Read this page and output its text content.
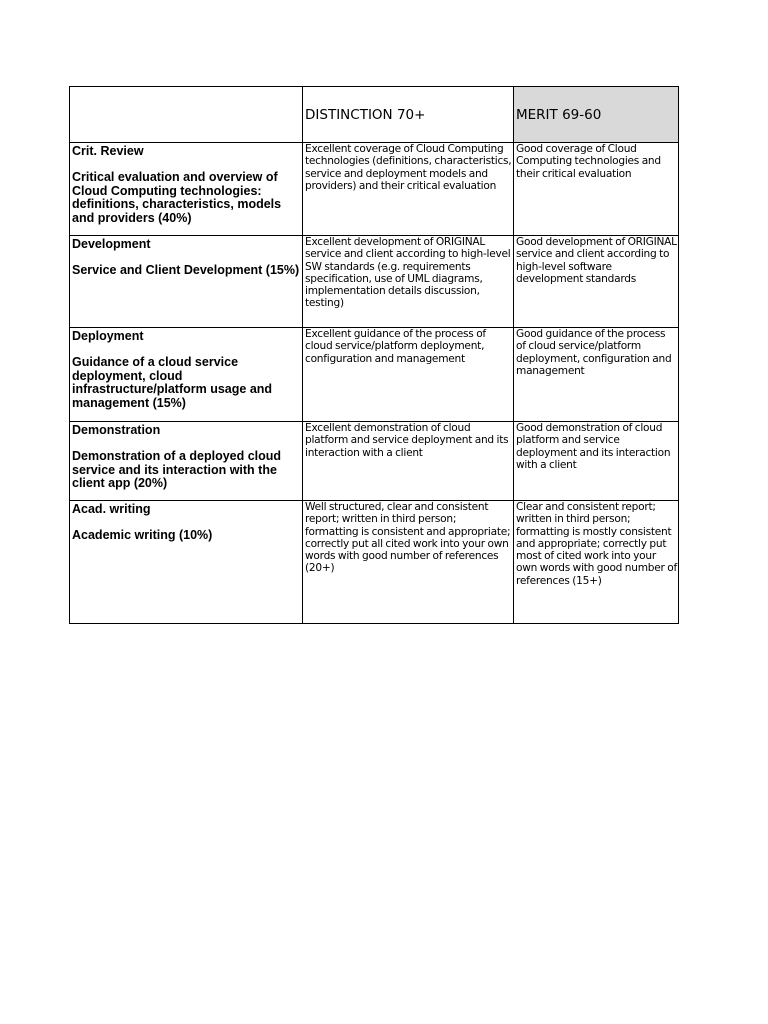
	DISTINCTION 70+	MERIT 69-60

Crit. Review
Critical evaluation and overview of Cloud Computing technologies: definitions, characteristics, models and providers (40%)	Excellent coverage of Cloud Computing technologies (definitions, characteristics, service and deployment models and providers) and their critical evaluation	Good coverage of Cloud Computing technologies and their critical evaluation

Development
Service and Client Development (15%)	Excellent development of ORIGINAL service and client according to high-level SW standards (e.g. requirements specification, use of UML diagrams, implementation details discussion, testing)	Good development of ORIGINAL service and client according to high-level software development standards

Deployment
Guidance of a cloud service deployment, cloud infrastructure/platform usage and management (15%)	Excellent guidance of the process of cloud service/platform deployment, configuration and management	Good guidance of the process of cloud service/platform deployment, configuration and management

Demonstration
Demonstration of a deployed cloud service and its interaction with the client app (20%)	Excellent demonstration of cloud platform and service deployment and its interaction with a client	Good demonstration of cloud platform and service deployment and its interaction with a client

Acad. writing
Academic writing (10%)	Well structured, clear and consistent report; written in third person; formatting is consistent and appropriate; correctly put all cited work into your own words with good number of references (20+)	Clear and consistent report; written in third person; formatting is mostly consistent and appropriate; correctly put most of cited work into your own words with good number of references (15+)
